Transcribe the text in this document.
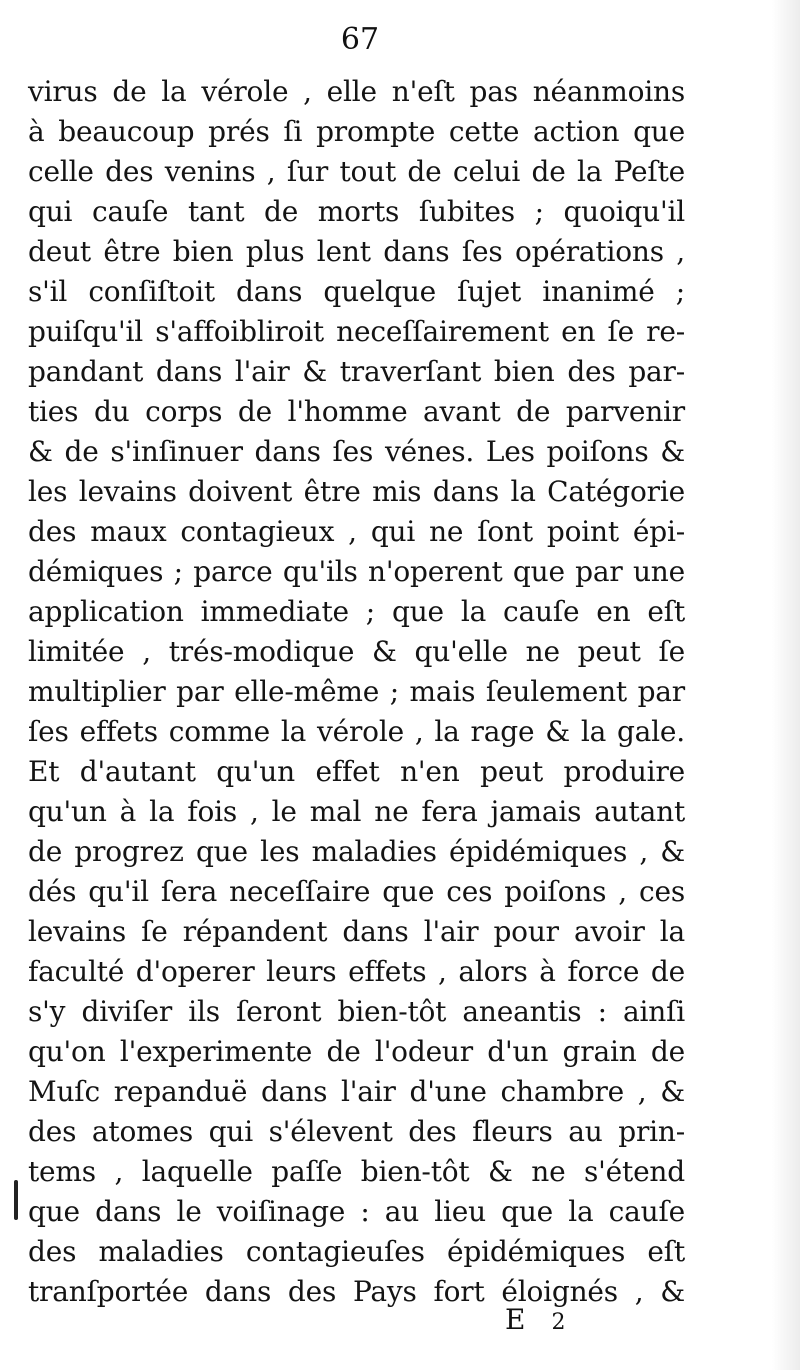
67
virus de la vérole , elle n'eſt pas néanmoins
à beaucoup prés ſi prompte cette action que
celle des venins , ſur tout de celui de la Peſte
qui cauſe tant de morts ſubites ; quoiqu'il
deut être bien plus lent dans ſes opérations ,
s'il conſiſtoit dans quelque ſujet inanimé ;
puiſqu'il s'affoibliroit neceſſairement en ſe re-
pandant dans l'air & traverſant bien des par-
ties du corps de l'homme avant de parvenir
& de s'inſinuer dans ſes vénes. Les poiſons &
les levains doivent être mis dans la Catégorie
des maux contagieux , qui ne ſont point épi-
démiques ; parce qu'ils n'operent que par une
application immediate ; que la cauſe en eſt
limitée , trés-modique & qu'elle ne peut ſe
multiplier par elle-même ; mais ſeulement par
ſes effets comme la vérole , la rage & la gale.
Et d'autant qu'un effet n'en peut produire
qu'un à la fois , le mal ne fera jamais autant
de progrez que les maladies épidémiques , &
dés qu'il ſera neceſſaire que ces poiſons , ces
levains ſe répandent dans l'air pour avoir la
faculté d'operer leurs effets , alors à force de
s'y diviſer ils ſeront bien-tôt aneantis : ainſi
qu'on l'experimente de l'odeur d'un grain de
Muſc repanduë dans l'air d'une chambre , &
des atomes qui s'élevent des fleurs au prin-
tems , laquelle paſſe bien-tôt & ne s'étend
que dans le voiſinage : au lieu que la cauſe
des maladies contagieuſes épidémiques eſt
tranſportée dans des Pays fort éloignés , &
E 2
